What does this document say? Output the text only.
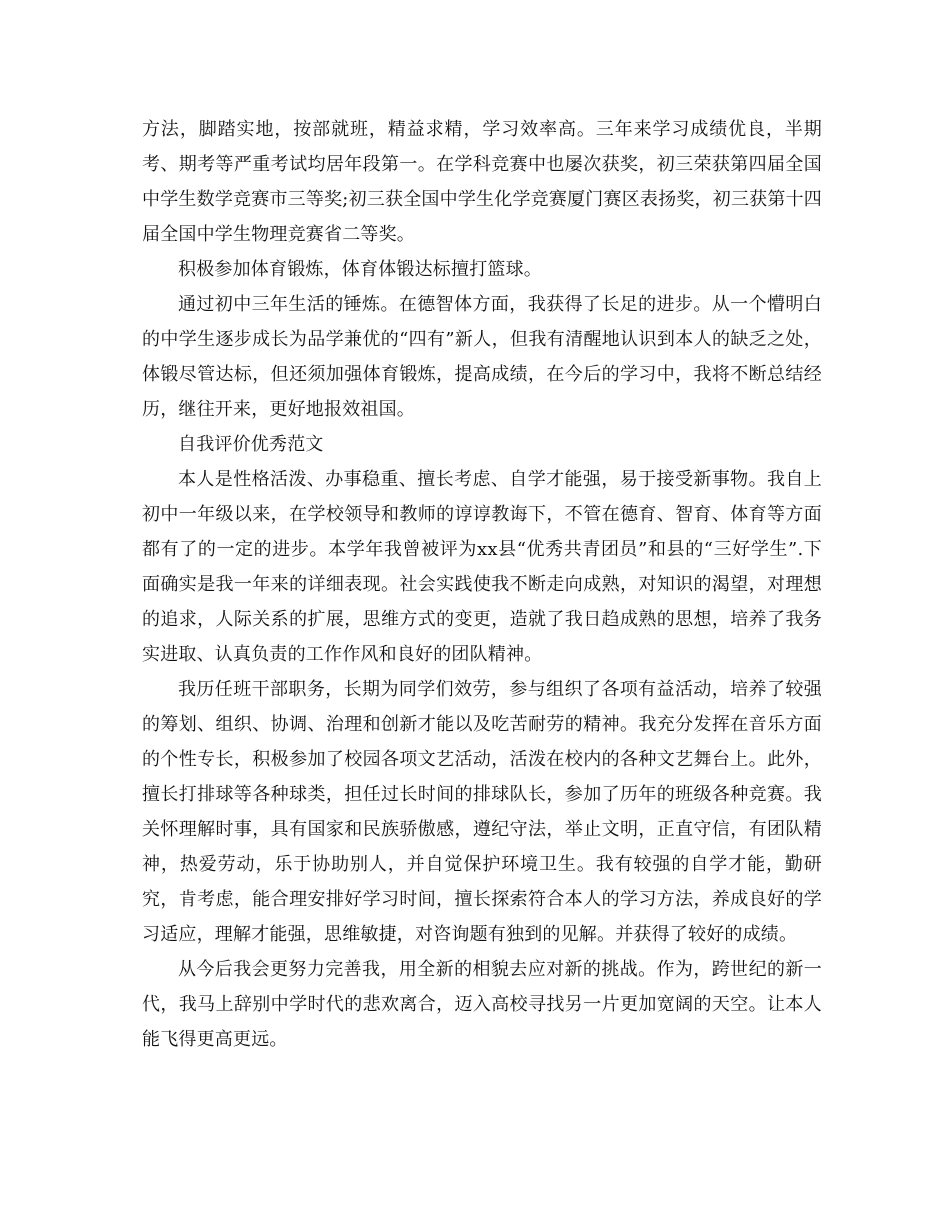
方法，脚踏实地，按部就班，精益求精，学习效率高。三年来学习成绩优良，半期考、期考等严重考试均居年段第一。在学科竞赛中也屡次获奖，初三荣获第四届全国中学生数学竞赛市三等奖;初三获全国中学生化学竞赛厦门赛区表扬奖，初三获第十四届全国中学生物理竞赛省二等奖。

积极参加体育锻炼，体育体锻达标擅打篮球。

通过初中三年生活的锤炼。在德智体方面，我获得了长足的进步。从一个懵明白的中学生逐步成长为品学兼优的“四有”新人，但我有清醒地认识到本人的缺乏之处，体锻尽管达标，但还须加强体育锻炼，提高成绩，在今后的学习中，我将不断总结经历，继往开来，更好地报效祖国。

自我评价优秀范文

本人是性格活泼、办事稳重、擅长考虑、自学才能强，易于接受新事物。我自上初中一年级以来，在学校领导和教师的谆谆教诲下，不管在德育、智育、体育等方面都有了的一定的进步。本学年我曾被评为xx县“优秀共青团员”和县的“三好学生”.下面确实是我一年来的详细表现。社会实践使我不断走向成熟，对知识的渴望，对理想的追求，人际关系的扩展，思维方式的变更，造就了我日趋成熟的思想，培养了我务实进取、认真负责的工作作风和良好的团队精神。

我历任班干部职务，长期为同学们效劳，参与组织了各项有益活动，培养了较强的筹划、组织、协调、治理和创新才能以及吃苦耐劳的精神。我充分发挥在音乐方面的个性专长，积极参加了校园各项文艺活动，活泼在校内的各种文艺舞台上。此外，擅长打排球等各种球类，担任过长时间的排球队长，参加了历年的班级各种竞赛。我关怀理解时事，具有国家和民族骄傲感，遵纪守法，举止文明，正直守信，有团队精神，热爱劳动，乐于协助别人，并自觉保护环境卫生。我有较强的自学才能，勤研究，肯考虑，能合理安排好学习时间，擅长探索符合本人的学习方法，养成良好的学习适应，理解才能强，思维敏捷，对咨询题有独到的见解。并获得了较好的成绩。

从今后我会更努力完善我，用全新的相貌去应对新的挑战。作为，跨世纪的新一代，我马上辞别中学时代的悲欢离合，迈入高校寻找另一片更加宽阔的天空。让本人能飞得更高更远。
